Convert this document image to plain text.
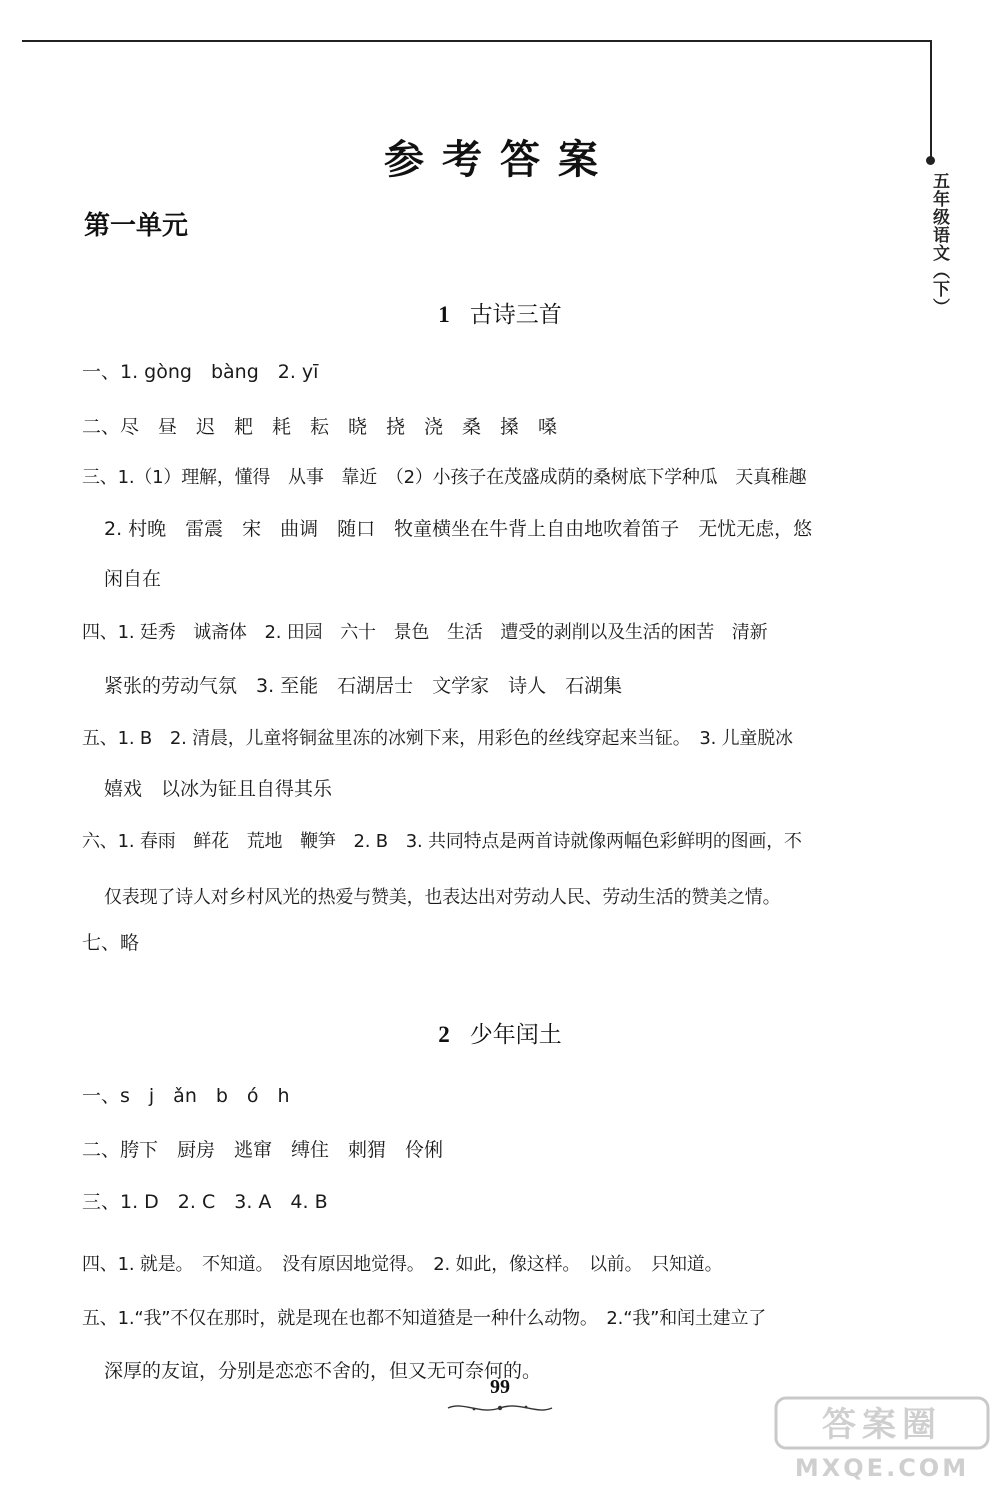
五年级语文（下）
参考答案
第一单元
1 古诗三首
一、1. gòng　bàng　2. yī
二、尽　昼　迟　耙　耗　耘　晓　挠　浇　桑　搡　嗓
三、1.（1）理解，懂得　从事　靠近　（2）小孩子在茂盛成荫的桑树底下学种瓜　天真稚趣
2. 村晚　雷震　宋　曲调　随口　牧童横坐在牛背上自由地吹着笛子　无忧无虑，悠
闲自在
四、1. 廷秀　诚斋体　2. 田园　六十　景色　生活　遭受的剥削以及生活的困苦　清新
紧张的劳动气氛　3. 至能　石湖居士　文学家　诗人　石湖集
五、1. B　2. 清晨，儿童将铜盆里冻的冰剜下来，用彩色的丝线穿起来当钲。　3. 儿童脱冰
嬉戏　以冰为钲且自得其乐
六、1. 春雨　鲜花　荒地　鞭笋　2. B　3. 共同特点是两首诗就像两幅色彩鲜明的图画，不
仅表现了诗人对乡村风光的热爱与赞美，也表达出对劳动人民、劳动生活的赞美之情。
七、略
2 少年闰土
一、s　j　ǎn　b　ó　h
二、胯下　厨房　逃窜　缚住　刺猬　伶俐
三、1. D　2. C　3. A　4. B
四、1. 就是。　不知道。　没有原因地觉得。　2. 如此，像这样。　以前。　只知道。
五、1.“我”不仅在那时，就是现在也都不知道猹是一种什么动物。　2.“我”和闰土建立了
深厚的友谊，分别是恋恋不舍的，但又无可奈何的。
99
答案圈
MXQE.COM
